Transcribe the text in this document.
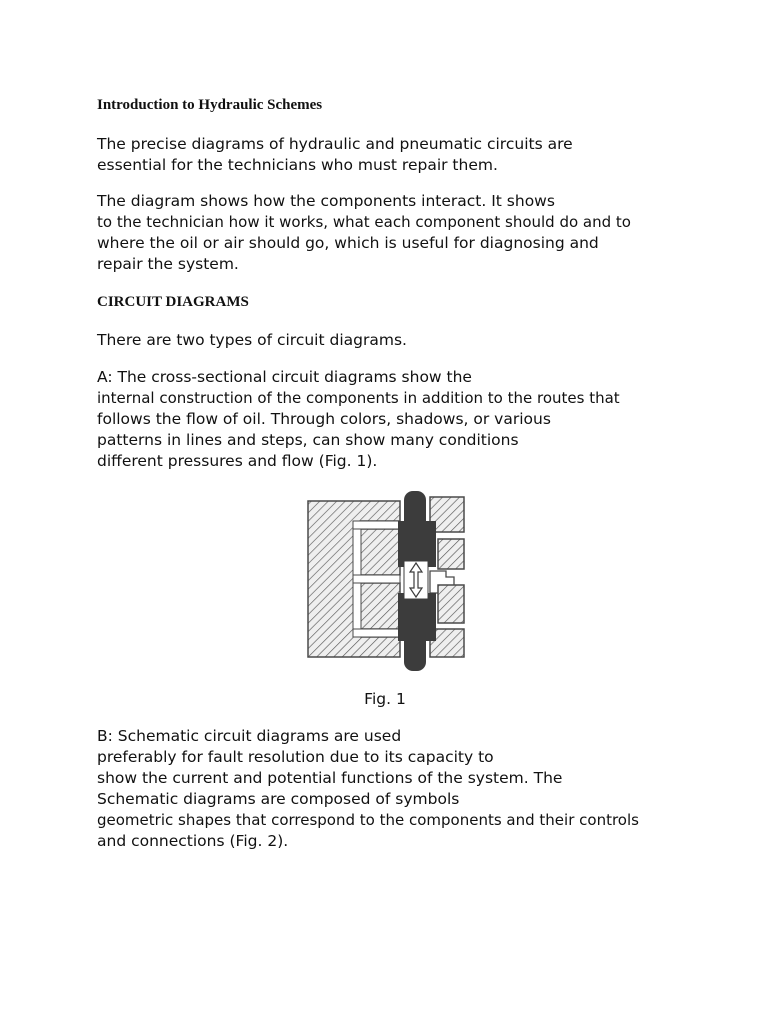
Introduction to Hydraulic Schemes

The precise diagrams of hydraulic and pneumatic circuits are
essential for the technicians who must repair them.

The diagram shows how the components interact. It shows
to the technician how it works, what each component should do and to
where the oil or air should go, which is useful for diagnosing and
repair the system.

CIRCUIT DIAGRAMS

There are two types of circuit diagrams.

A: The cross-sectional circuit diagrams show the
internal construction of the components in addition to the routes that
follows the flow of oil. Through colors, shadows, or various
patterns in lines and steps, can show many conditions
different pressures and flow (Fig. 1).

Fig. 1

B: Schematic circuit diagrams are used
preferably for fault resolution due to its capacity to
show the current and potential functions of the system. The
Schematic diagrams are composed of symbols
geometric shapes that correspond to the components and their controls
and connections (Fig. 2).
